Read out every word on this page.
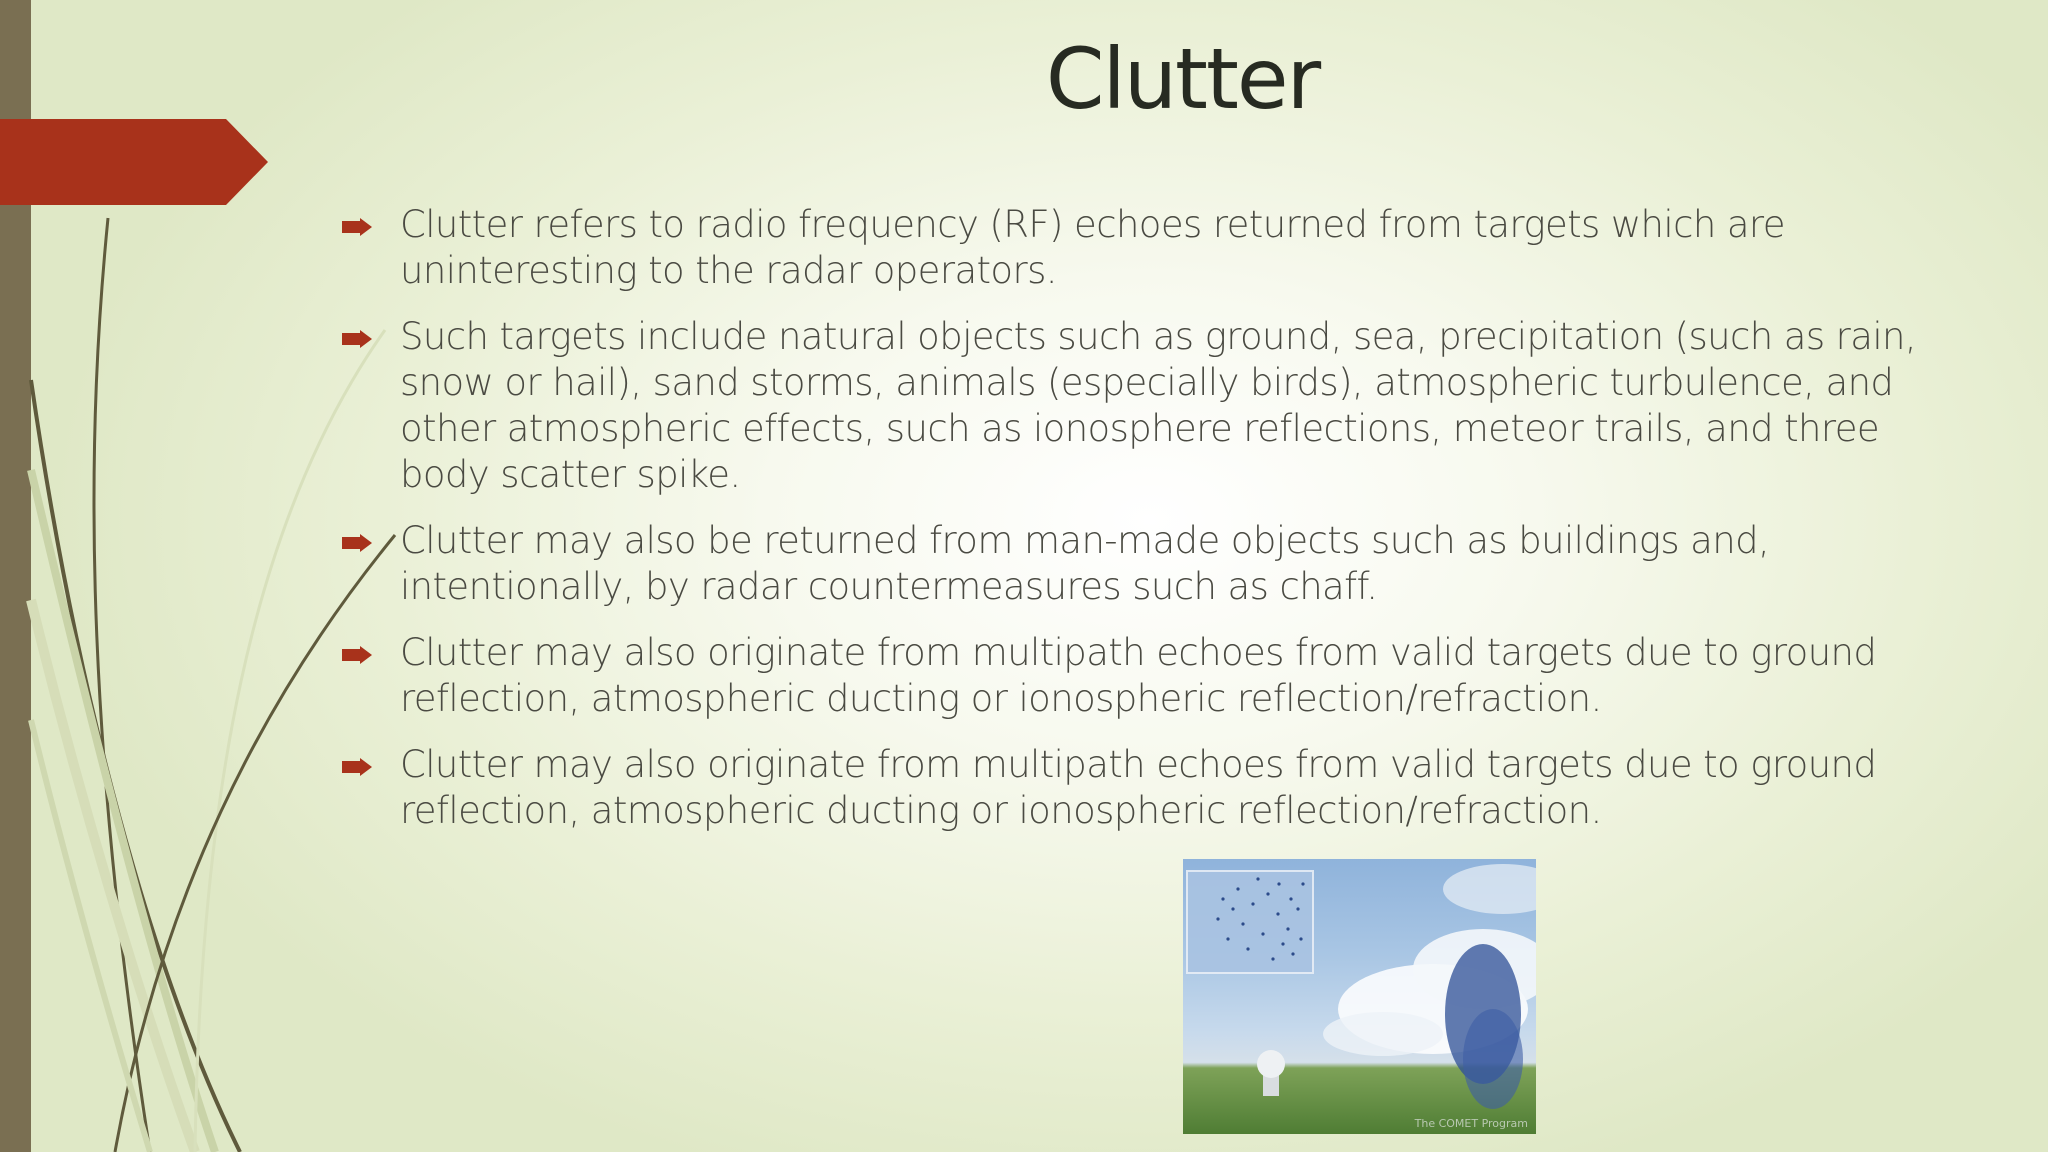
Clutter
Clutter refers to radio frequency (RF) echoes returned from targets which are uninteresting to the radar operators.
Such targets include natural objects such as ground, sea, precipitation (such as rain, snow or hail), sand storms, animals (especially birds), atmospheric turbulence, and other atmospheric effects, such as ionosphere reflections, meteor trails, and three body scatter spike.
Clutter may also be returned from man-made objects such as buildings and, intentionally, by radar countermeasures such as chaff.
Clutter may also originate from multipath echoes from valid targets due to ground reflection, atmospheric ducting or ionospheric reflection/refraction.
Clutter may also originate from multipath echoes from valid targets due to ground reflection, atmospheric ducting or ionospheric reflection/refraction.
The COMET Program
